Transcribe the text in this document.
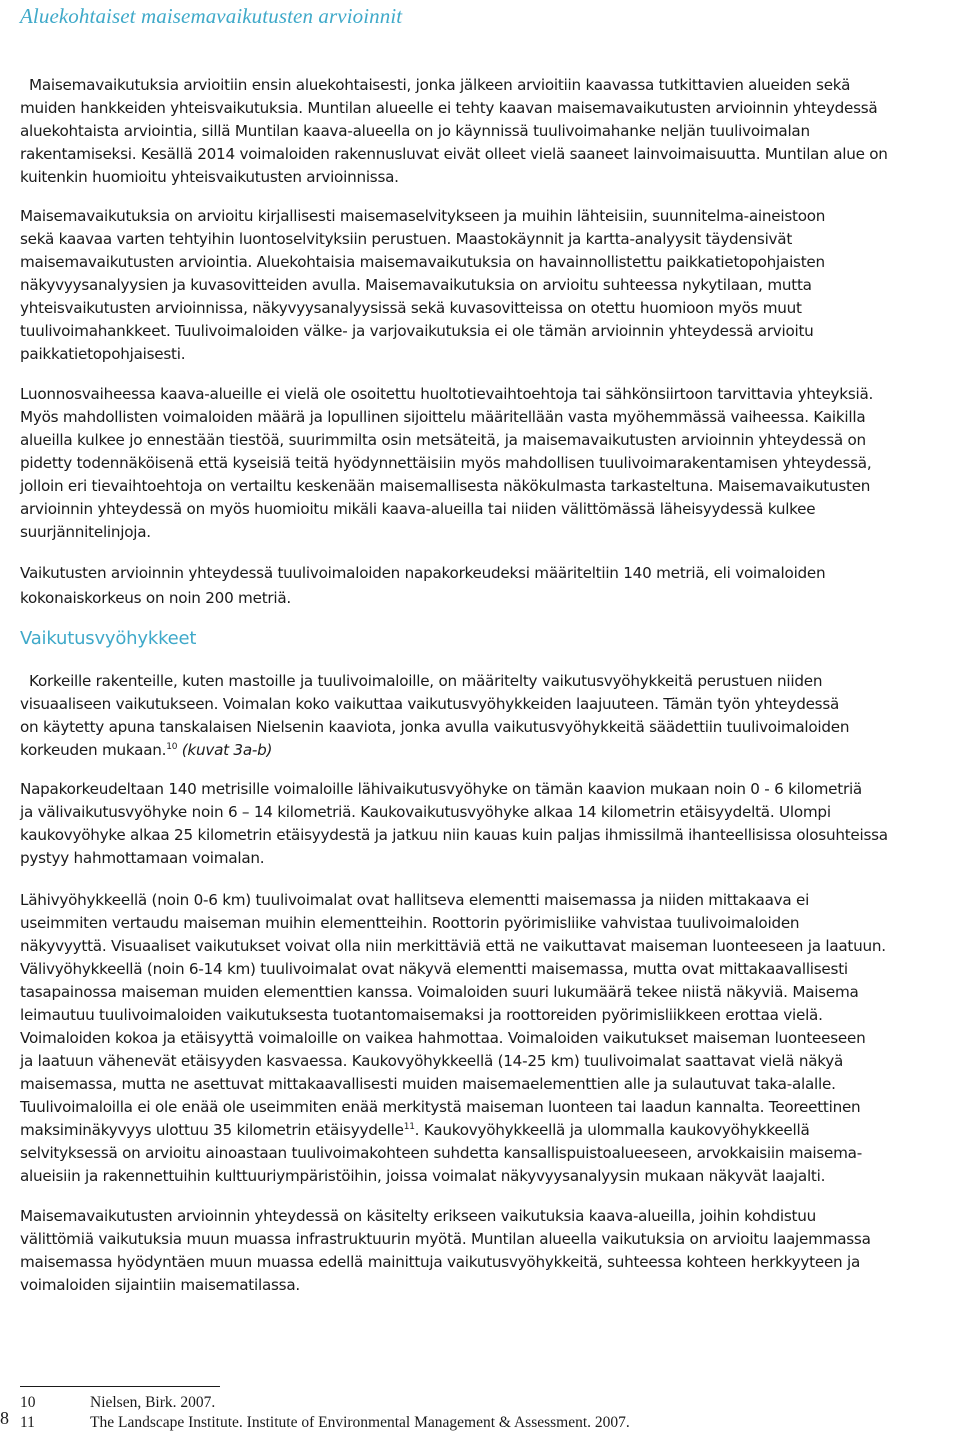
Aluekohtaiset maisemavaikutusten arvioinnit
Maisemavaikutuksia arvioitiin ensin aluekohtaisesti, jonka jälkeen arvioitiin kaavassa tutkittavien alueiden sekä
muiden hankkeiden yhteisvaikutuksia. Muntilan alueelle ei tehty kaavan maisemavaikutusten arvioinnin yhteydessä
aluekohtaista arviointia, sillä Muntilan kaava-alueella on jo käynnissä tuulivoimahanke neljän tuulivoimalan
rakentamiseksi. Kesällä 2014 voimaloiden rakennusluvat eivät olleet vielä saaneet lainvoimaisuutta. Muntilan alue on
kuitenkin huomioitu yhteisvaikutusten arvioinnissa.
Maisemavaikutuksia on arvioitu kirjallisesti maisemaselvitykseen ja muihin lähteisiin, suunnitelma-aineistoon
sekä kaavaa varten tehtyihin luontoselvityksiin perustuen. Maastokäynnit ja kartta-analyysit täydensivät
maisemavaikutusten arviointia. Aluekohtaisia maisemavaikutuksia on havainnollistettu paikkatietopohjaisten
näkyvyysanalyysien ja kuvasovitteiden avulla. Maisemavaikutuksia on arvioitu suhteessa nykytilaan, mutta
yhteisvaikutusten arvioinnissa, näkyvyysanalyysissä sekä kuvasovitteissa on otettu huomioon myös muut
tuulivoimahankkeet. Tuulivoimaloiden välke- ja varjovaikutuksia ei ole tämän arvioinnin yhteydessä arvioitu
paikkatietopohjaisesti.
Luonnosvaiheessa kaava-alueille ei vielä ole osoitettu huoltotievaihtoehtoja tai sähkönsiirtoon tarvittavia yhteyksiä.
Myös mahdollisten voimaloiden määrä ja lopullinen sijoittelu määritellään vasta myöhemmässä vaiheessa. Kaikilla
alueilla kulkee jo ennestään tiestöä, suurimmilta osin metsäteitä, ja maisemavaikutusten arvioinnin yhteydessä on
pidetty todennäköisenä että kyseisiä teitä hyödynnettäisiin myös mahdollisen tuulivoimarakentamisen yhteydessä,
jolloin eri tievaihtoehtoja on vertailtu keskenään maisemallisesta näkökulmasta tarkasteltuna. Maisemavaikutusten
arvioinnin yhteydessä on myös huomioitu mikäli kaava-alueilla tai niiden välittömässä läheisyydessä kulkee
suurjännitelinjoja.
Vaikutusten arvioinnin yhteydessä tuulivoimaloiden napakorkeudeksi määriteltiin 140 metriä, eli voimaloiden
kokonaiskorkeus on noin 200 metriä.
Vaikutusvyöhykkeet
Korkeille rakenteille, kuten mastoille ja tuulivoimaloille, on määritelty vaikutusvyöhykkeitä perustuen niiden
visuaaliseen vaikutukseen. Voimalan koko vaikuttaa vaikutusvyöhykkeiden laajuuteen. Tämän työn yhteydessä
on käytetty apuna tanskalaisen Nielsenin kaaviota, jonka avulla vaikutusvyöhykkeitä säädettiin tuulivoimaloiden
korkeuden mukaan.$^{10}$ (kuvat 3a-b)
Napakorkeudeltaan 140 metrisille voimaloille lähivaikutusvyöhyke on tämän kaavion mukaan noin 0 - 6 kilometriä
ja välivaikutusvyöhyke noin 6 – 14 kilometriä. Kaukovaikutusvyöhyke alkaa 14 kilometrin etäisyydeltä. Ulompi
kaukovyöhyke alkaa 25 kilometrin etäisyydestä ja jatkuu niin kauas kuin paljas ihmissilmä ihanteellisissa olosuhteissa
pystyy hahmottamaan voimalan.
Lähivyöhykkeellä (noin 0-6 km) tuulivoimalat ovat hallitseva elementti maisemassa ja niiden mittakaava ei
useimmiten vertaudu maiseman muihin elementteihin. Roottorin pyörimisliike vahvistaa tuulivoimaloiden
näkyvyyttä. Visuaaliset vaikutukset voivat olla niin merkittäviä että ne vaikuttavat maiseman luonteeseen ja laatuun.
Välivyöhykkeellä (noin 6-14 km) tuulivoimalat ovat näkyvä elementti maisemassa, mutta ovat mittakaavallisesti
tasapainossa maiseman muiden elementtien kanssa. Voimaloiden suuri lukumäärä tekee niistä näkyviä. Maisema
leimautuu tuulivoimaloiden vaikutuksesta tuotantomaisemaksi ja roottoreiden pyörimisliikkeen erottaa vielä.
Voimaloiden kokoa ja etäisyyttä voimaloille on vaikea hahmottaa. Voimaloiden vaikutukset maiseman luonteeseen
ja laatuun vähenevät etäisyyden kasvaessa. Kaukovyöhykkeellä (14-25 km) tuulivoimalat saattavat vielä näkyä
maisemassa, mutta ne asettuvat mittakaavallisesti muiden maisemaelementtien alle ja sulautuvat taka-alalle.
Tuulivoimaloilla ei ole enää ole useimmiten enää merkitystä maiseman luonteen tai laadun kannalta. Teoreettinen
maksiminäkyvyys ulottuu 35 kilometrin etäisyydelle$^{11}$. Kaukovyöhykkeellä ja ulommalla kaukovyöhykkeellä
selvityksessä on arvioitu ainoastaan tuulivoimakohteen suhdetta kansallispuistoalueeseen, arvokkaisiin maisema-
alueisiin ja rakennettuihin kulttuuriympäristöihin, joissa voimalat näkyvyysanalyysin mukaan näkyvät laajalti.
Maisemavaikutusten arvioinnin yhteydessä on käsitelty erikseen vaikutuksia kaava-alueilla, joihin kohdistuu
välittömiä vaikutuksia muun muassa infrastruktuurin myötä. Muntilan alueella vaikutuksia on arvioitu laajemmassa
maisemassa hyödyntäen muun muassa edellä mainittuja vaikutusvyöhykkeitä, suhteessa kohteen herkkyyteen ja
voimaloiden sijaintiin maisematilassa.
10	Nielsen, Birk. 2007.
11	The Landscape Institute. Institute of Environmental Management & Assessment. 2007.
8
